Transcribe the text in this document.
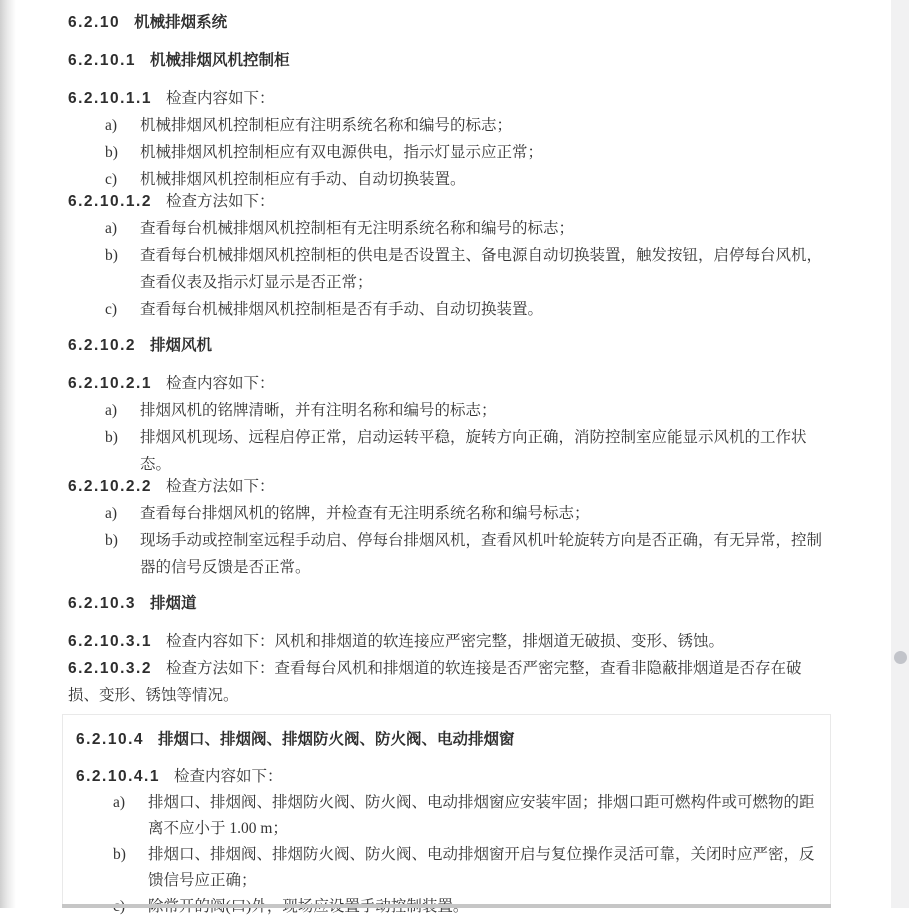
6.2.10 机械排烟系统
6.2.10.1 机械排烟风机控制柜
6.2.10.1.1 检查内容如下：
a) 机械排烟风机控制柜应有注明系统名称和编号的标志；
b) 机械排烟风机控制柜应有双电源供电，指示灯显示应正常；
c) 机械排烟风机控制柜应有手动、自动切换装置。
6.2.10.1.2 检查方法如下：
a) 查看每台机械排烟风机控制柜有无注明系统名称和编号的标志；
b) 查看每台机械排烟风机控制柜的供电是否设置主、备电源自动切换装置，触发按钮，启停每台风机，查看仪表及指示灯显示是否正常；
c) 查看每台机械排烟风机控制柜是否有手动、自动切换装置。
6.2.10.2 排烟风机
6.2.10.2.1 检查内容如下：
a) 排烟风机的铭牌清晰，并有注明名称和编号的标志；
b) 排烟风机现场、远程启停正常，启动运转平稳，旋转方向正确，消防控制室应能显示风机的工作状态。
6.2.10.2.2 检查方法如下：
a) 查看每台排烟风机的铭牌，并检查有无注明系统名称和编号标志；
b) 现场手动或控制室远程手动启、停每台排烟风机，查看风机叶轮旋转方向是否正确，有无异常，控制器的信号反馈是否正常。
6.2.10.3 排烟道
6.2.10.3.1 检查内容如下：风机和排烟道的软连接应严密完整，排烟道无破损、变形、锈蚀。
6.2.10.3.2 检查方法如下：查看每台风机和排烟道的软连接是否严密完整，查看非隐蔽排烟道是否存在破损、变形、锈蚀等情况。
6.2.10.4 排烟口、排烟阀、排烟防火阀、防火阀、电动排烟窗
6.2.10.4.1 检查内容如下：
a) 排烟口、排烟阀、排烟防火阀、防火阀、电动排烟窗应安装牢固；排烟口距可燃构件或可燃物的距离不应小于 1.00 m；
b) 排烟口、排烟阀、排烟防火阀、防火阀、电动排烟窗开启与复位操作灵活可靠，关闭时应严密，反馈信号应正确；
